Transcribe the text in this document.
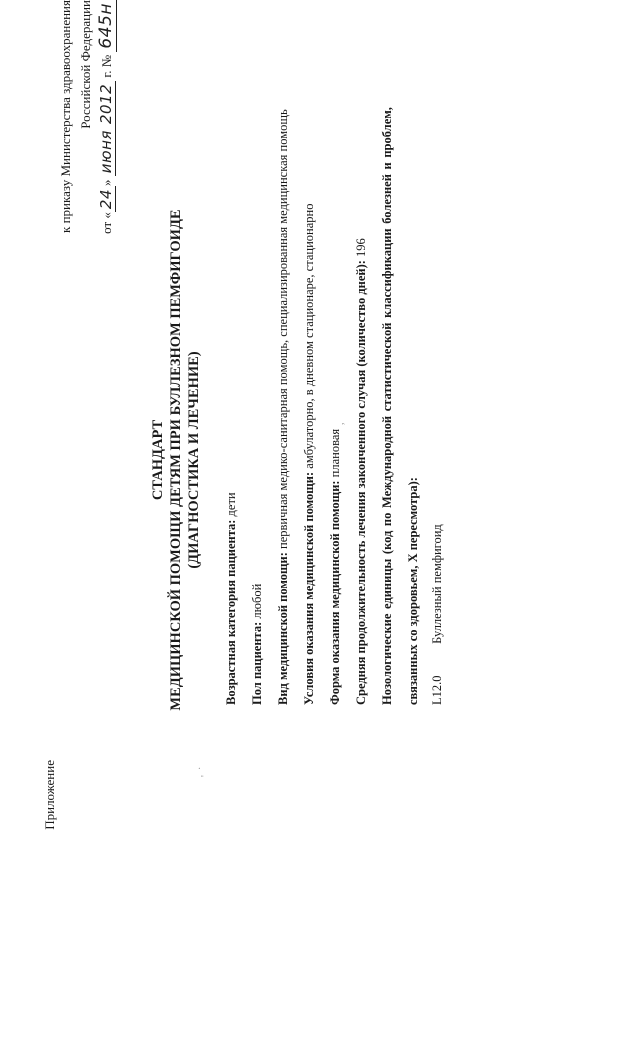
Приложение
к приказу Министерства здравоохранения Российской Федерации
от «24» июня2012 г. № 645н
СТАНДАРТ МЕДИЦИНСКОЙ ПОМОЩИ ДЕТЯМ ПРИ БУЛЛЕЗНОМ ПЕМФИГОИДЕ (ДИАГНОСТИКА И ЛЕЧЕНИЕ)
Возрастная категория пациента: дети
Пол пациента: любой Вид медицинской помощи: первичная медико-санитарная помощь, специализированная медицинская помощь
Условия оказания медицинской помощи: амбулаторно, в дневном стационаре, стационарно
Форма оказания медицинской помощи: плановая Средняя продолжительность лечения законченного случая (количество дней): 196
Нозологические
единицы
(код
по
Международной
статистической
классификации
болезней
и
проблем,
связанных со здоровьем, X пересмотра): L12.0 Буллезный пемфигоид
·
'
,
